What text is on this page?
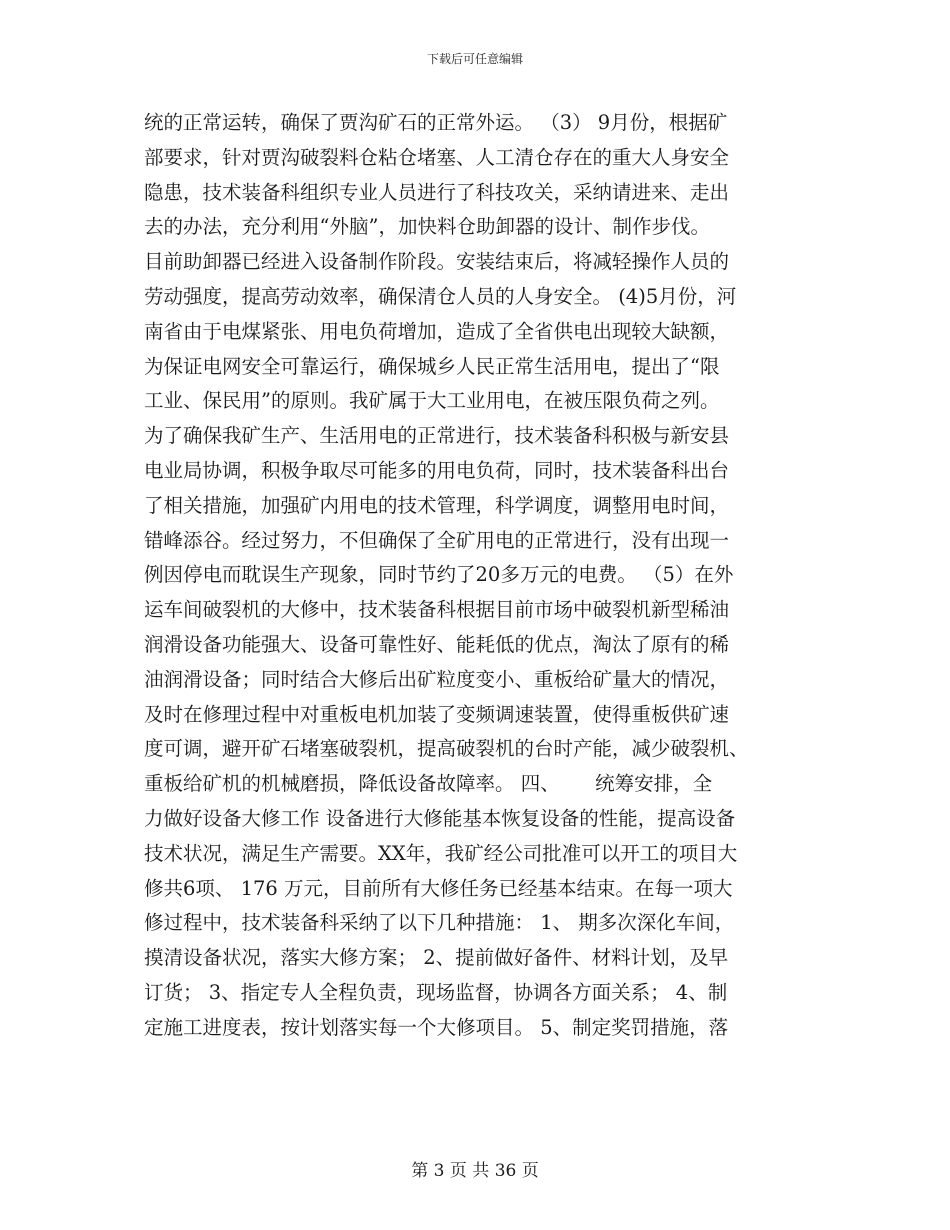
下载后可任意编辑
统的正常运转，确保了贾沟矿石的正常外运。 （3） 9月份，根据矿
部要求，针对贾沟破裂料仓粘仓堵塞、人工清仓存在的重大人身安全
隐患，技术装备科组织专业人员进行了科技攻关，采纳请进来、走出
去的办法，充分利用“外脑”，加快料仓助卸器的设计、制作步伐。
目前助卸器已经进入设备制作阶段。安装结束后，将减轻操作人员的
劳动强度，提高劳动效率，确保清仓人员的人身安全。 (4)5月份，河
南省由于电煤紧张、用电负荷增加，造成了全省供电出现较大缺额，
为保证电网安全可靠运行，确保城乡人民正常生活用电，提出了“限
工业、保民用”的原则。我矿属于大工业用电，在被压限负荷之列。
为了确保我矿生产、生活用电的正常进行，技术装备科积极与新安县
电业局协调，积极争取尽可能多的用电负荷，同时，技术装备科出台
了相关措施，加强矿内用电的技术管理，科学调度，调整用电时间，
错峰添谷。经过努力，不但确保了全矿用电的正常进行，没有出现一
例因停电而耽误生产现象，同时节约了20多万元的电费。 （5）在外
运车间破裂机的大修中，技术装备科根据目前市场中破裂机新型稀油
润滑设备功能强大、设备可靠性好、能耗低的优点，淘汰了原有的稀
油润滑设备；同时结合大修后出矿粒度变小、重板给矿量大的情况，
及时在修理过程中对重板电机加装了变频调速装置，使得重板供矿速
度可调，避开矿石堵塞破裂机，提高破裂机的台时产能，减少破裂机、
重板给矿机的机械磨损，降低设备故障率。 四、　　 统筹安排，全
力做好设备大修工作 设备进行大修能基本恢复设备的性能，提高设备
技术状况，满足生产需要。XX年，我矿经公司批准可以开工的项目大
修共6项、 176 万元，目前所有大修任务已经基本结束。在每一项大
修过程中，技术装备科采纳了以下几种措施： 1、 期多次深化车间，
摸清设备状况，落实大修方案； 2、提前做好备件、材料计划，及早
订货； 3、指定专人全程负责，现场监督，协调各方面关系； 4、制
定施工进度表，按计划落实每一个大修项目。 5、制定奖罚措施，落
第 3 页 共 36 页
